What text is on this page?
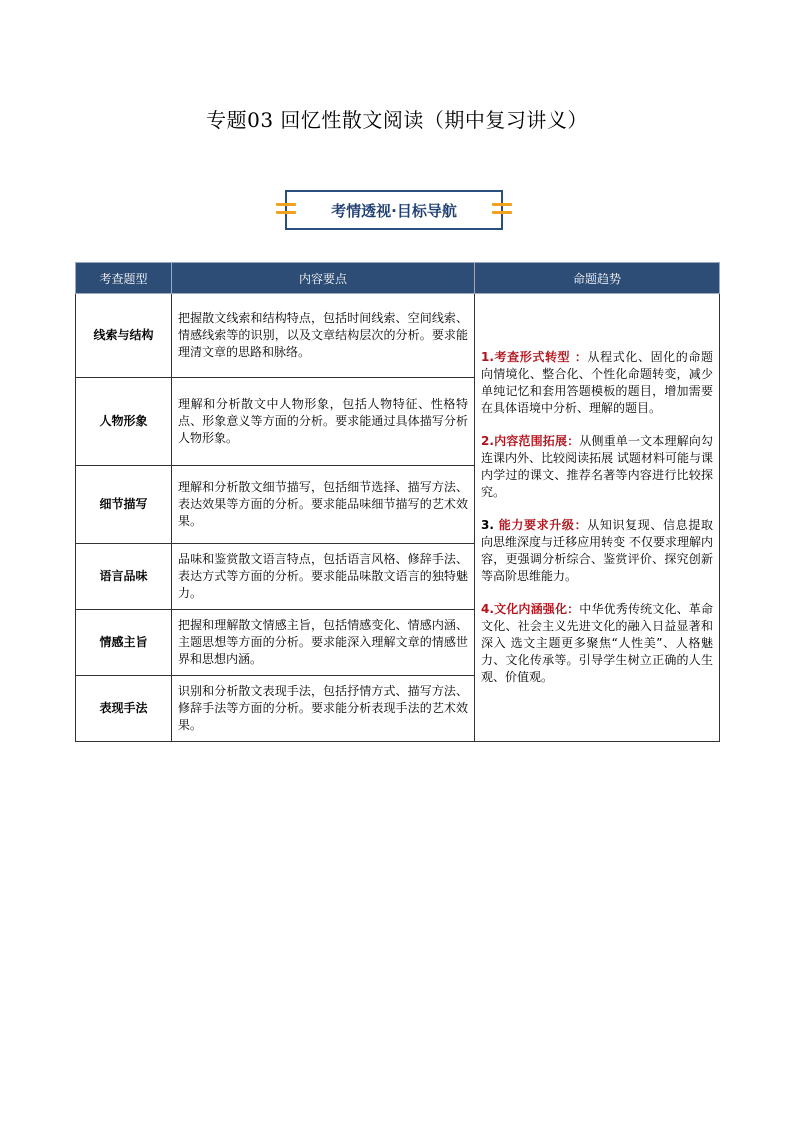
专题03 回忆性散文阅读（期中复习讲义）
考情透视·目标导航
考查题型	内容要点	命题趋势
线索与结构	把握散文线索和结构特点，包括时间线索、空间线索、情感线索等的识别，以及文章结构层次的分析。要求能理清文章的思路和脉络。	1.考查形式转型 ：从程式化、固化的命题向情境化、整合化、个性化命题转变，减少单纯记忆和套用答题模板的题目，增加需要在具体语境中分析、理解的题目。
2.内容范围拓展：从侧重单一文本理解向勾连课内外、比较阅读拓展 试题材料可能与课内学过的课文、推荐名著等内容进行比较探究。
3. 能力要求升级：从知识复现、信息提取向思维深度与迁移应用转变 不仅要求理解内容，更强调分析综合、鉴赏评价、探究创新等高阶思维能力。
4.文化内涵强化：中华优秀传统文化、革命文化、社会主义先进文化的融入日益显著和深入 选文主题更多聚焦“人性美”、人格魅力、文化传承等。引导学生树立正确的人生观、价值观。

人物形象	理解和分析散文中人物形象，包括人物特征、性格特点、形象意义等方面的分析。要求能通过具体描写分析人物形象。	
细节描写	理解和分析散文细节描写，包括细节选择、描写方法、表达效果等方面的分析。要求能品味细节描写的艺术效果。	
语言品味	品味和鉴赏散文语言特点，包括语言风格、修辞手法、表达方式等方面的分析。要求能品味散文语言的独特魅力。	
情感主旨	把握和理解散文情感主旨，包括情感变化、情感内涵、主题思想等方面的分析。要求能深入理解文章的情感世界和思想内涵。	
表现手法	识别和分析散文表现手法，包括抒情方式、描写方法、修辞手法等方面的分析。要求能分析表现手法的艺术效果。	
